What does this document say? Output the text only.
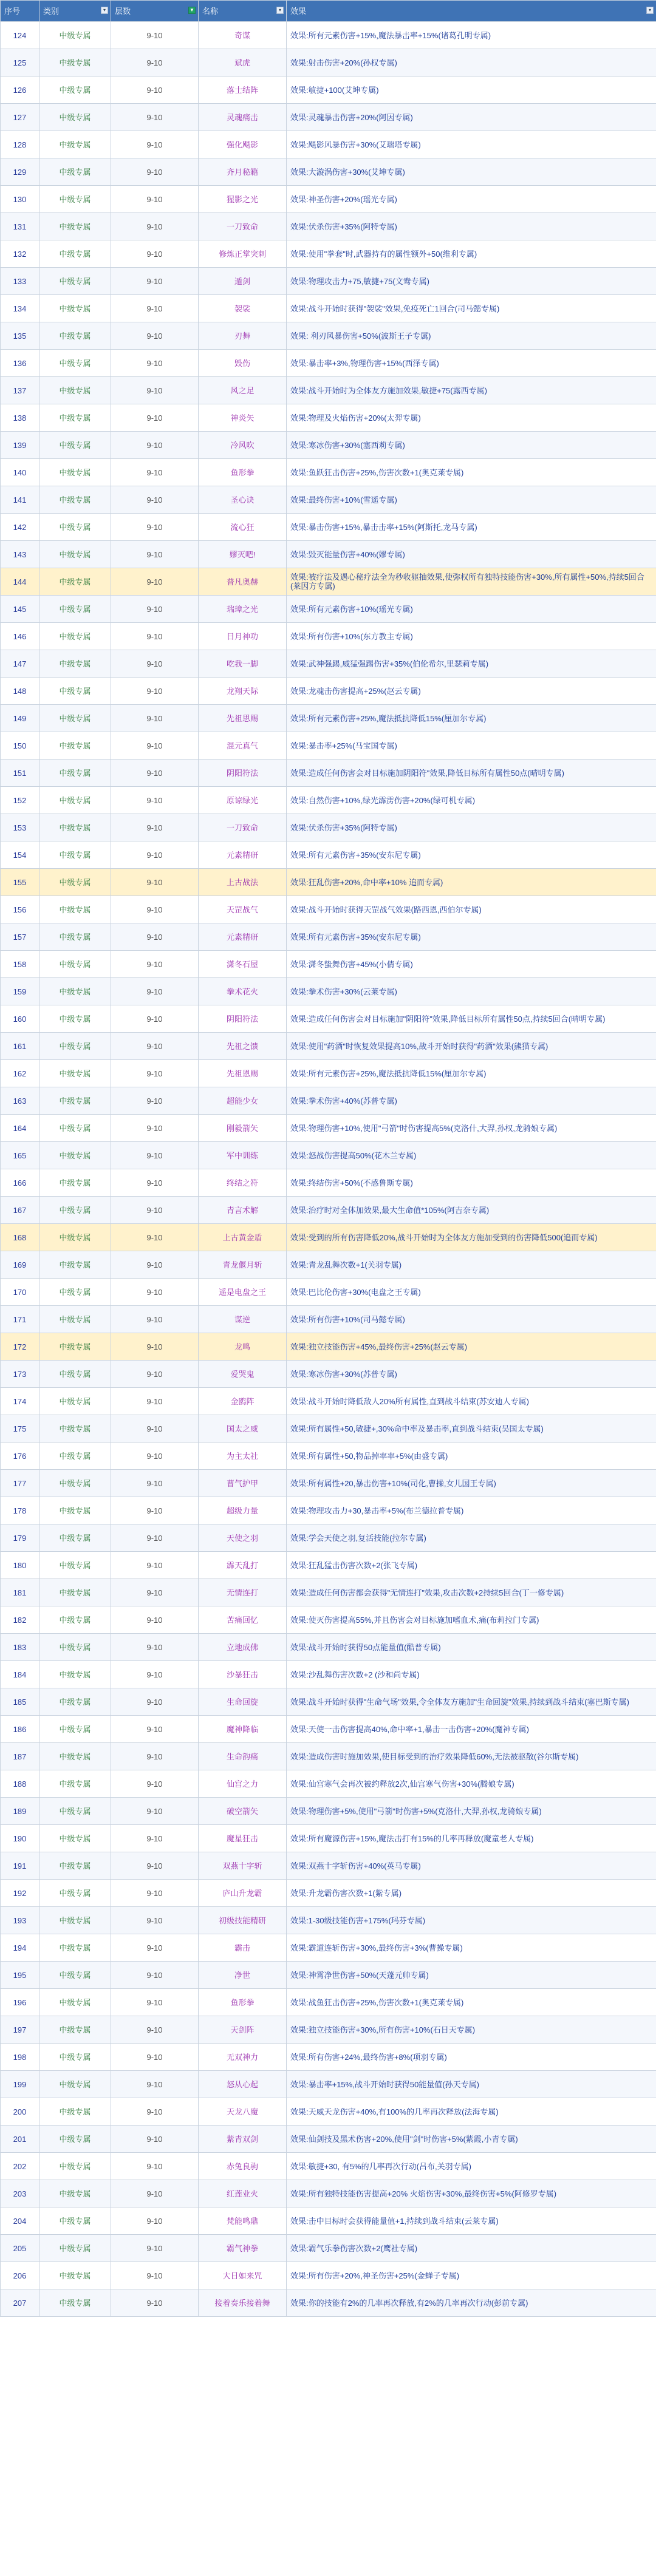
序号	类别 ▾	层数 ▼	名称 ▾	效果 ▾

124	中级专属	9-10	奇谋	效果:所有元素伤害+15%,魔法暴击率+15%(诸葛孔明专属)
125	中级专属	9-10	斌虎	效果:射击伤害+20%(孙权专属)
126	中级专属	9-10	落士结阵	效果:敏捷+100(艾坤专属)
127	中级专属	9-10	灵魂痛击	效果:灵魂暴击伤害+20%(阿因专属)
128	中级专属	9-10	强化飓影	效果:飓影风暴伤害+30%(艾瑞塔专属)
129	中级专属	9-10	齐月秘籍	效果:大漩涡伤害+30%(艾坤专属)
130	中级专属	9-10	猩影之光	效果:神圣伤害+20%(瑶光专属)
131	中级专属	9-10	一刀致命	效果:伏杀伤害+35%(阿特专属)
132	中级专属	9-10	修炼正掌突刺	效果:使用"拳套"时,武器持有的属性额外+50(维利专属)
133	中级专属	9-10	遁剑	效果:物理攻击力+75,敏捷+75(文鸯专属)
134	中级专属	9-10	袈裟	效果:战斗开始时获得"袈裟"效果,免疫死亡1回合(司马懿专属)
135	中级专属	9-10	刃舞	效果: 利刃风暴伤害+50%(波斯王子专属)
136	中级专属	9-10	毁伤	效果:暴击率+3%,物理伤害+15%(西泽专属)
137	中级专属	9-10	风之足	效果:战斗开始时为全体友方施加效果,敏捷+75(露西专属)
138	中级专属	9-10	神炎矢	效果:物理及火焰伤害+20%(太羿专属)
139	中级专属	9-10	冷风吹	效果:寒冰伤害+30%(塞西莉专属)
140	中级专属	9-10	鱼形拳	效果:鱼跃狂击伤害+25%,伤害次数+1(奥克莱专属)
141	中级专属	9-10	圣心诀	效果:最终伤害+10%(雪遥专属)
142	中级专属	9-10	流心狂	效果:暴击伤害+15%,暴击击率+15%(阿斯托,龙马专属)
143	中级专属	9-10	嫪灭吧!	效果:毁灭能量伤害+40%(嫪专属)
144	中级专属	9-10	普凡奥赫	效果:被疗法及遇心秘疗法全为秒收躯抽效果,使弥权所有独特技能伤害+30%,所有属性+50%,持续5回合(莱因方专属)
145	中级专属	9-10	瑞璋之光	效果:所有元素伤害+10%(瑶光专属)
146	中级专属	9-10	日月神功	效果:所有伤害+10%(东方教主专属)
147	中级专属	9-10	吃我一脚	效果:武神强踢,威猛强踢伤害+35%(伯伦希尔,里瑟莉专属)
148	中级专属	9-10	龙翔天际	效果:龙魂击伤害提高+25%(赵云专属)
149	中级专属	9-10	先祖思赐	效果:所有元素伤害+25%,魔法抵抗降低15%(厘加尔专属)
150	中级专属	9-10	混元真气	效果:暴击率+25%(马宝国专属)
151	中级专属	9-10	阴阳符法	效果:造成任何伤害会对目标施加阴阳符"效果,降低目标所有属性50点(晴明专属)
152	中级专属	9-10	原谅绿光	效果:自然伤害+10%,绿光霹雳伤害+20%(绿可机专属)
153	中级专属	9-10	一刀致命	效果:伏杀伤害+35%(阿特专属)
154	中级专属	9-10	元素精研	效果:所有元素伤害+35%(安东尼专属)
155	中级专属	9-10	上古战法	效果:狂乱伤害+20%,命中率+10% 追而专属)
156	中级专属	9-10	天罡战气	效果:战斗开始时获得天罡战气效果(路西恩,西伯尔专属)
157	中级专属	9-10	元素精研	效果:所有元素伤害+35%(安东尼专属)
158	中级专属	9-10	潇冬石屋	效果:潇冬蛰舞伤害+45%(小倩专属)
159	中级专属	9-10	拳术花火	效果:拳术伤害+30%(云莱专属)
160	中级专属	9-10	阴阳符法	效果:造成任何伤害会对目标施加"阴阳符"效果,降低目标所有属性50点,持续5回合(晴明专属)
161	中级专属	9-10	先祖之馈	效果:使用"药酒"时恢复效果提高10%,战斗开始时获得"药酒"效果(熊猫专属)
162	中级专属	9-10	先祖恩赐	效果:所有元素伤害+25%,魔法抵抗降低15%(厘加尔专属)
163	中级专属	9-10	超能少女	效果:拳术伤害+40%(苏普专属)
164	中级专属	9-10	刚毅箭矢	效果:物理伤害+10%,使用"弓箭"时伤害提高5%(克洛什,大羿,孙权,龙骑娘专属)
165	中级专属	9-10	军中训练	效果:怒战伤害提高50%(花木兰专属)
166	中级专属	9-10	终结之符	效果:终结伤害+50%(不感鲁斯专属)
167	中级专属	9-10	青言术解	效果:治疗时对全体加效果,最大生命值*105%(阿吉奈专属)
168	中级专属	9-10	上古黄金盾	效果:受到的所有伤害降低20%,战斗开始时为全体友方施加受到的伤害降低500(追而专属)
169	中级专属	9-10	青龙偃月斩	效果:青龙乱舞次数+1(关羽专属)
170	中级专属	9-10	遥是电盘之王	效果:巴比伦伤害+30%(电盘之王专属)
171	中级专属	9-10	谋逆	效果:所有伤害+10%(司马懿专属)
172	中级专属	9-10	龙鸣	效果:独立技能伤害+45%,最终伤害+25%(赵云专属)
173	中级专属	9-10	爱哭鬼	效果:寒冰伤害+30%(苏普专属)
174	中级专属	9-10	金鸥阵	效果:战斗开始时降低敌人20%所有属性,直到战斗结束(苏安迪人专属)
175	中级专属	9-10	国太之威	效果:所有属性+50,敏捷+,30%命中率及暴击率,直到战斗结束(吴国太专属)
176	中级专属	9-10	为主太社	效果:所有属性+50,物品掉率率+5%(由盛专属)
177	中级专属	9-10	曹气护甲	效果:所有属性+20,暴击伤害+10%(司化,曹操,女儿国王专属)
178	中级专属	9-10	超级力量	效果:物理攻击力+30,暴击率+5%(布兰德拉普专属)
179	中级专属	9-10	天使之羽	效果:学会天使之羽,复活技能(拉尔专属)
180	中级专属	9-10	霹天乱打	效果:狂乱猛击伤害次数+2(张飞专属)
181	中级专属	9-10	无情连打	效果:造成任何伤害都会获得"无情连打"效果,攻击次数+2持续5回合(丁一修专属)
182	中级专属	9-10	苦痛回忆	效果:使灭伤害提高55%,并且伤害会对目标施加嗜血术,痛(布莉拉门专属)
183	中级专属	9-10	立地成佛	效果:战斗开始时获得50点能量值(酷普专属)
184	中级专属	9-10	沙暴狂击	效果:沙乱舞伤害次数+2 (沙和尚专属)
185	中级专属	9-10	生命回旋	效果:战斗开始时获得"生命气场"效果,令全体友方施加"生命回旋"效果,持续到战斗结束(塞巴斯专属)
186	中级专属	9-10	魔神降临	效果:天使一击伤害提高40%,命中率+1,暴击一击伤害+20%(魔神专属)
187	中级专属	9-10	生命韵痛	效果:造成伤害时施加效果,使目标受到的治疗效果降低60%,无法被驱散(谷尔斯专属)
188	中级专属	9-10	仙宫之力	效果:仙宫寒气会再次被约释放2次,仙宫寒气伤害+30%(腾娘专属)
189	中级专属	9-10	破空箭矢	效果:物理伤害+5%,使用"弓箭"时伤害+5%(克洛什,大羿,孙权,龙骑娘专属)
190	中级专属	9-10	魔星狂击	效果:所有魔源伤害+15%,魔法击打有15%的几率再释放(魔童老人专属)
191	中级专属	9-10	双燕十字斩	效果:双燕十字斩伤害+40%(英马专属)
192	中级专属	9-10	庐山升龙霸	效果:升龙霸伤害次数+1(紫专属)
193	中级专属	9-10	初级技能精研	效果:1-30级技能伤害+175%(玛芬专属)
194	中级专属	9-10	霸击	效果:霸道连斩伤害+30%,最终伤害+3%(曹操专属)
195	中级专属	9-10	净世	效果:神霄净世伤害+50%(天蓬元帅专属)
196	中级专属	9-10	鱼形拳	效果:战鱼狂击伤害+25%,伤害次数+1(奥克莱专属)
197	中级专属	9-10	天剑阵	效果:独立技能伤害+30%,所有伤害+10%(石日天专属)
198	中级专属	9-10	无双神力	效果:所有伤害+24%,最终伤害+8%(项羽专属)
199	中级专属	9-10	怒从心起	效果:暴击率+15%,战斗开始时获得50能量值(孙天专属)
200	中级专属	9-10	天龙八魔	效果:天威天龙伤害+40%,有100%的几率再次释放(法海专属)
201	中级专属	9-10	紫青双剑	效果:仙剑技及黑术伤害+20%,使用"剑"时伤害+5%(紫霞,小青专属)
202	中级专属	9-10	赤兔良驹	效果:敏捷+30, 有5%的几率再次行动(吕布,关羽专属)
203	中级专属	9-10	红莲业火	效果:所有独特技能伤害提高+20% 火焰伤害+30%,最终伤害+5%(阿修罗专属)
204	中级专属	9-10	梵能鸣鼎	效果:击中目标时会获得能量值+1,持续到战斗结束(云莱专属)
205	中级专属	9-10	霸气神拳	效果:霸气乐拳伤害次数+2(鹰社专属)
206	中级专属	9-10	大日如来咒	效果:所有伤害+20%,神圣伤害+25%(金蝉子专属)
207	中级专属	9-10	接着奏乐接着舞	效果:你的技能有2%的几率再次释放,有2%的几率再次行动(彭前专属)
